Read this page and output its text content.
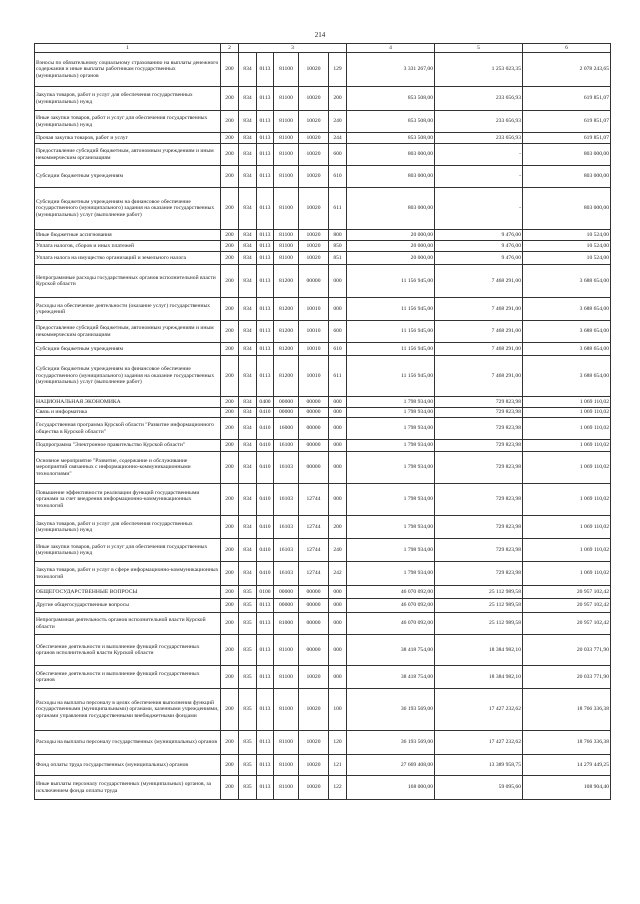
214
1	2	3					4	5	6
Взносы по обязательному социальному страхованию на выплаты денежного содержания и иные выплаты работникам государственных (муниципальных) органов	200	834	0113	81100	10020	129	3 331 267,00	1 253 023,35	2 078 243,65
Закупка товаров, работ и услуг для обеспечения государственных (муниципальных) нужд	200	834	0113	81100	10020	200	853 508,00	233 656,93	619 851,07
Иные закупки товаров, работ и услуг для обеспечения государственных (муниципальных) нужд	200	834	0113	81100	10020	240	853 508,00	233 656,93	619 851,07
Прочая закупка товаров, работ и услуг	200	834	0113	81100	10020	244	853 508,00	233 656,93	619 851,07
Предоставление субсидий бюджетным, автономным учреждениям и иным некоммерческим организациям	200	834	0113	81100	10020	600	803 000,00	-	803 000,00
Субсидии бюджетным учреждениям	200	834	0113	81100	10020	610	803 000,00	-	803 000,00
Субсидии бюджетным учреждениям на финансовое обеспечение государственного (муниципального) задания на оказание государственных (муниципальных) услуг (выполнение работ)	200	834	0113	81100	10020	611	803 000,00	-	803 000,00
Иные бюджетные ассигнования	200	834	0113	81100	10020	800	20 000,00	9 476,00	10 524,00
Уплата налогов, сборов и иных платежей	200	834	0113	81100	10020	850	20 000,00	9 476,00	10 524,00
Уплата налога на имущество организаций и земельного налога	200	834	0113	81100	10020	851	20 000,00	9 476,00	10 524,00
Непрограммные расходы государственных органов исполнительной власти Курской области	200	834	0113	81200	00000	000	11 156 945,00	7 468 291,00	3 688 654,00
Расходы на обеспечение деятельности (оказание услуг) государственных учреждений	200	834	0113	81200	10010	000	11 156 945,00	7 468 291,00	3 688 654,00
Предоставление субсидий бюджетным, автономным учреждениям и иным некоммерческим организациям	200	834	0113	81200	10010	600	11 156 945,00	7 468 291,00	3 688 654,00
Субсидии бюджетным учреждениям	200	834	0113	81200	10010	610	11 156 945,00	7 468 291,00	3 688 654,00
Субсидии бюджетным учреждениям на финансовое обеспечение государственного (муниципального) задания на оказание государственных (муниципальных) услуг (выполнение работ)	200	834	0113	81200	10010	611	11 156 945,00	7 468 291,00	3 688 654,00
НАЦИОНАЛЬНАЯ ЭКОНОМИКА	200	834	0400	00000	00000	000	1 798 934,00	729 823,98	1 069 110,02
Связь и информатика	200	834	0410	00000	00000	000	1 798 934,00	729 823,98	1 069 110,02
Государственная программа Курской области "Развитие информационного общества в Курской области"	200	834	0410	16000	00000	000	1 798 934,00	729 823,98	1 069 110,02
Подпрограмма "Электронное правительство Курской области"	200	834	0410	16100	00000	000	1 798 934,00	729 823,98	1 069 110,02
Основное мероприятие "Развитие, содержание и обслуживание мероприятий связанных с информационно-коммуникационными технологиями"	200	834	0410	16103	00000	000	1 798 934,00	729 823,98	1 069 110,02
Повышение эффективности реализации функций государственными органами за счет внедрения информационно-коммуникационных технологий	200	834	0410	16103	12744	000	1 798 934,00	729 823,98	1 069 110,02
Закупка товаров, работ и услуг для обеспечения государственных (муниципальных) нужд	200	834	0410	16103	12744	200	1 798 934,00	729 823,98	1 069 110,02
Иные закупки товаров, работ и услуг для обеспечения государственных (муниципальных) нужд	200	834	0410	16103	12744	240	1 798 934,00	729 823,98	1 069 110,02
Закупка товаров, работ и услуг в сфере информационно-коммуникационных технологий	200	834	0410	16103	12744	242	1 798 934,00	729 823,98	1 069 110,02
ОБЩЕГОСУДАРСТВЕННЫЕ ВОПРОСЫ	200	835	0100	00000	00000	000	46 070 092,00	25 112 989,58	20 957 102,42
Другие общегосударственные вопросы	200	835	0113	00000	00000	000	46 070 092,00	25 112 989,58	20 957 102,42
Непрограммная деятельность органов исполнительной власти Курской области	200	835	0113	81000	00000	000	46 070 092,00	25 112 989,58	20 957 102,42
Обеспечение деятельности и выполнение функций государственных органов исполнительной власти Курской области	200	835	0113	81100	00000	000	38 418 754,00	18 384 982,10	20 033 771,90
Обеспечение деятельности и выполнение функций государственных органов	200	835	0113	81100	10020	000	38 418 754,00	18 384 982,10	20 033 771,90
Расходы на выплаты персоналу в целях обеспечения выполнения функций государственными (муниципальными) органами, казенными учреждениями, органами управления государственными внебюджетными фондами	200	835	0113	81100	10020	100	36 193 569,00	17 427 232,62	18 766 336,38
Расходы на выплаты персоналу государственных (муниципальных) органов	200	835	0113	81100	10020	120	36 193 569,00	17 427 232,62	18 766 336,38
Фонд оплаты труда государственных (муниципальных) органов	200	835	0113	81100	10020	121	27 669 408,00	13 389 958,75	14 279 449,25
Иные выплаты персоналу государственных (муниципальных) органов, за исключением фонда оплаты труда	200	835	0113	81100	10020	122	168 000,00	59 095,60	108 904,40
